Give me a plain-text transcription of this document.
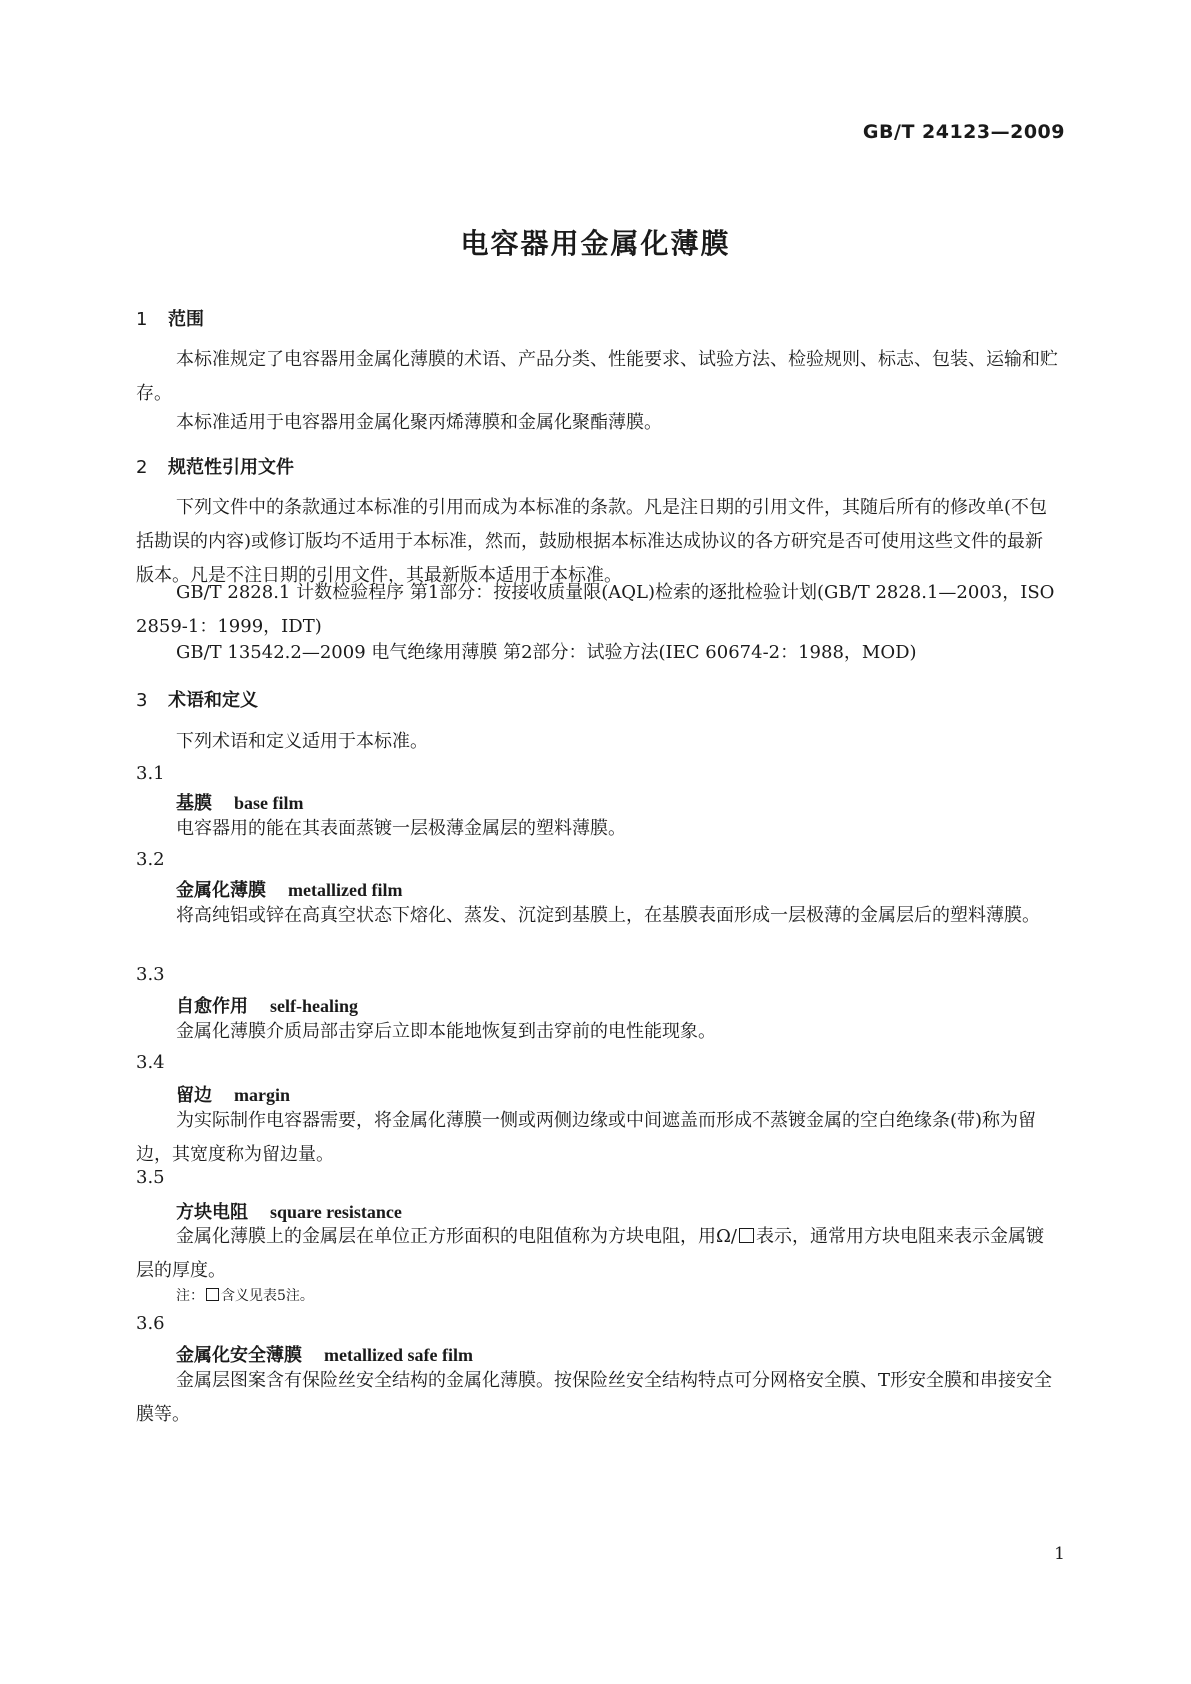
GB/T 24123—2009
电容器用金属化薄膜
1 范围
本标准规定了电容器用金属化薄膜的术语、产品分类、性能要求、试验方法、检验规则、标志、包装、运输和贮存。
本标准适用于电容器用金属化聚丙烯薄膜和金属化聚酯薄膜。
2 规范性引用文件
下列文件中的条款通过本标准的引用而成为本标准的条款。凡是注日期的引用文件，其随后所有的修改单(不包括勘误的内容)或修订版均不适用于本标准，然而，鼓励根据本标准达成协议的各方研究是否可使用这些文件的最新版本。凡是不注日期的引用文件，其最新版本适用于本标准。
GB/T 2828.1 计数检验程序 第1部分：按接收质量限(AQL)检索的逐批检验计划(GB/T 2828.1—2003，ISO 2859-1：1999，IDT)
GB/T 13542.2—2009 电气绝缘用薄膜 第2部分：试验方法(IEC 60674-2：1988，MOD)
3 术语和定义
下列术语和定义适用于本标准。
3.1
基膜 base film
电容器用的能在其表面蒸镀一层极薄金属层的塑料薄膜。
3.2
金属化薄膜 metallized film
将高纯铝或锌在高真空状态下熔化、蒸发、沉淀到基膜上，在基膜表面形成一层极薄的金属层后的塑料薄膜。
3.3
自愈作用 self-healing
金属化薄膜介质局部击穿后立即本能地恢复到击穿前的电性能现象。
3.4
留边 margin
为实际制作电容器需要，将金属化薄膜一侧或两侧边缘或中间遮盖而形成不蒸镀金属的空白绝缘条(带)称为留边，其宽度称为留边量。
3.5
方块电阻 square resistance
金属化薄膜上的金属层在单位正方形面积的电阻值称为方块电阻，用Ω/ 表示，通常用方块电阻来表示金属镀层的厚度。
注： 含义见表5注。
3.6
金属化安全薄膜 metallized safe film
金属层图案含有保险丝安全结构的金属化薄膜。按保险丝安全结构特点可分网格安全膜、T形安全膜和串接安全膜等。
1
